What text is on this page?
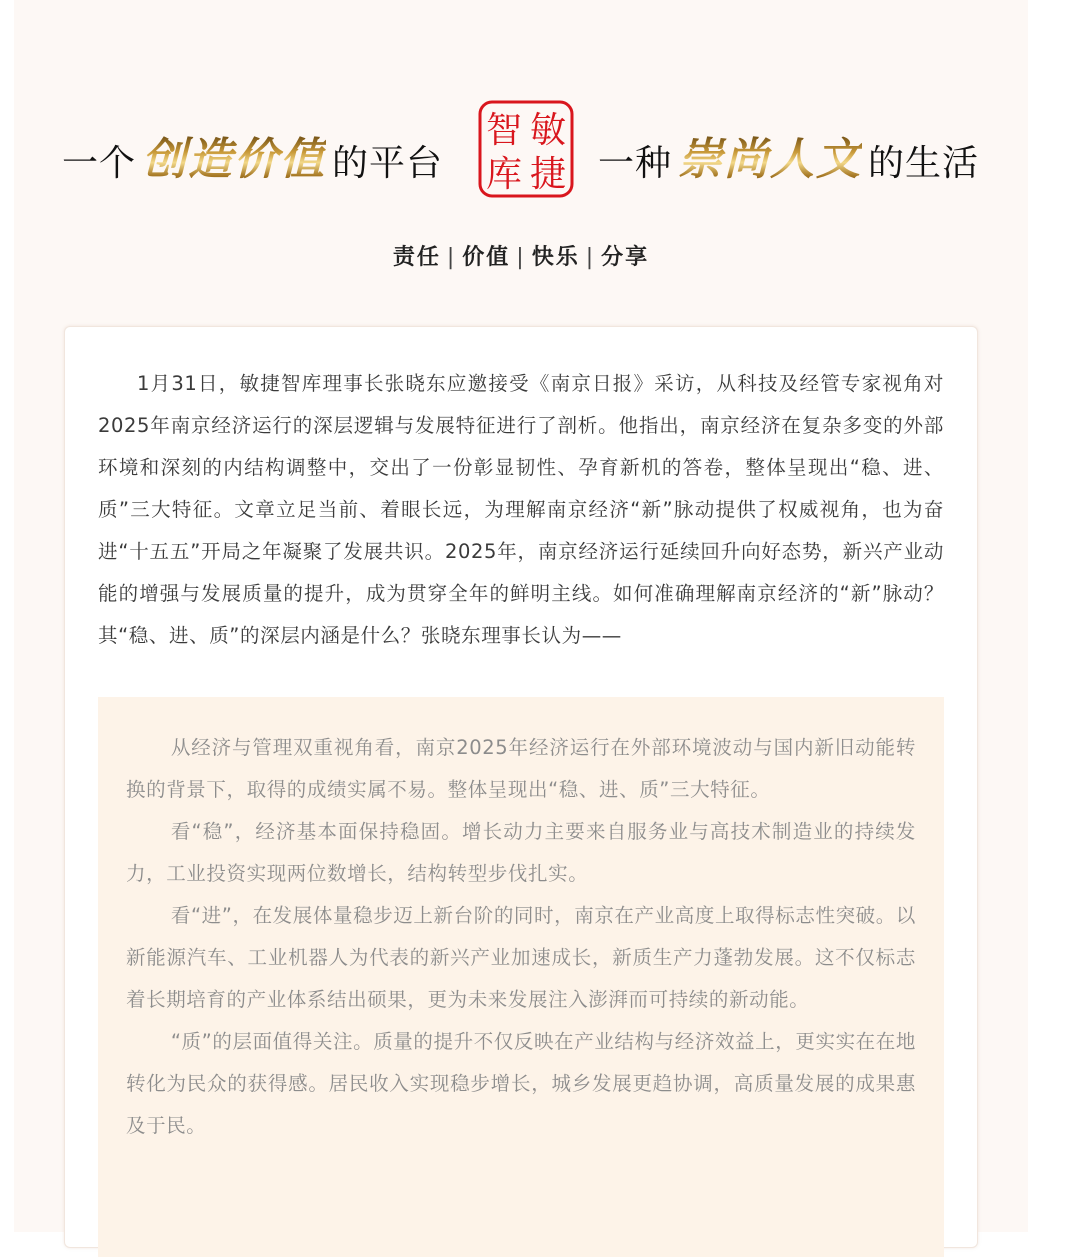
一个 创造价值 的平台
敏
捷
智
库 一种 崇尚人文 的生活
责任 | 价值 | 快乐 | 分享

1月31日，敏捷智库理事长张晓东应邀接受《南京日报》采访，从科技及经管专家视角对2025年南京经济运行的深层逻辑与发展特征进行了剖析。他指出，南京经济在复杂多变的外部环境和深刻的内结构调整中，交出了一份彰显韧性、孕育新机的答卷，整体呈现出“稳、进、质”三大特征。文章立足当前、着眼长远，为理解南京经济“新”脉动提供了权威视角，也为奋进“十五五”开局之年凝聚了发展共识。2025年，南京经济运行延续回升向好态势，新兴产业动能的增强与发展质量的提升，成为贯穿全年的鲜明主线。如何准确理解南京经济的“新”脉动？其“稳、进、质”的深层内涵是什么？张晓东理事长认为——

从经济与管理双重视角看，南京2025年经济运行在外部环境波动与国内新旧动能转换的背景下，取得的成绩实属不易。整体呈现出“稳、进、质”三大特征。

看“稳”，经济基本面保持稳固。增长动力主要来自服务业与高技术制造业的持续发力，工业投资实现两位数增长，结构转型步伐扎实。

看“进”，在发展体量稳步迈上新台阶的同时，南京在产业高度上取得标志性突破。以新能源汽车、工业机器人为代表的新兴产业加速成长，新质生产力蓬勃发展。这不仅标志着长期培育的产业体系结出硕果，更为未来发展注入澎湃而可持续的新动能。

“质”的层面值得关注。质量的提升不仅反映在产业结构与经济效益上，更实实在在地转化为民众的获得感。居民收入实现稳步增长，城乡发展更趋协调，高质量发展的成果惠及于民。
